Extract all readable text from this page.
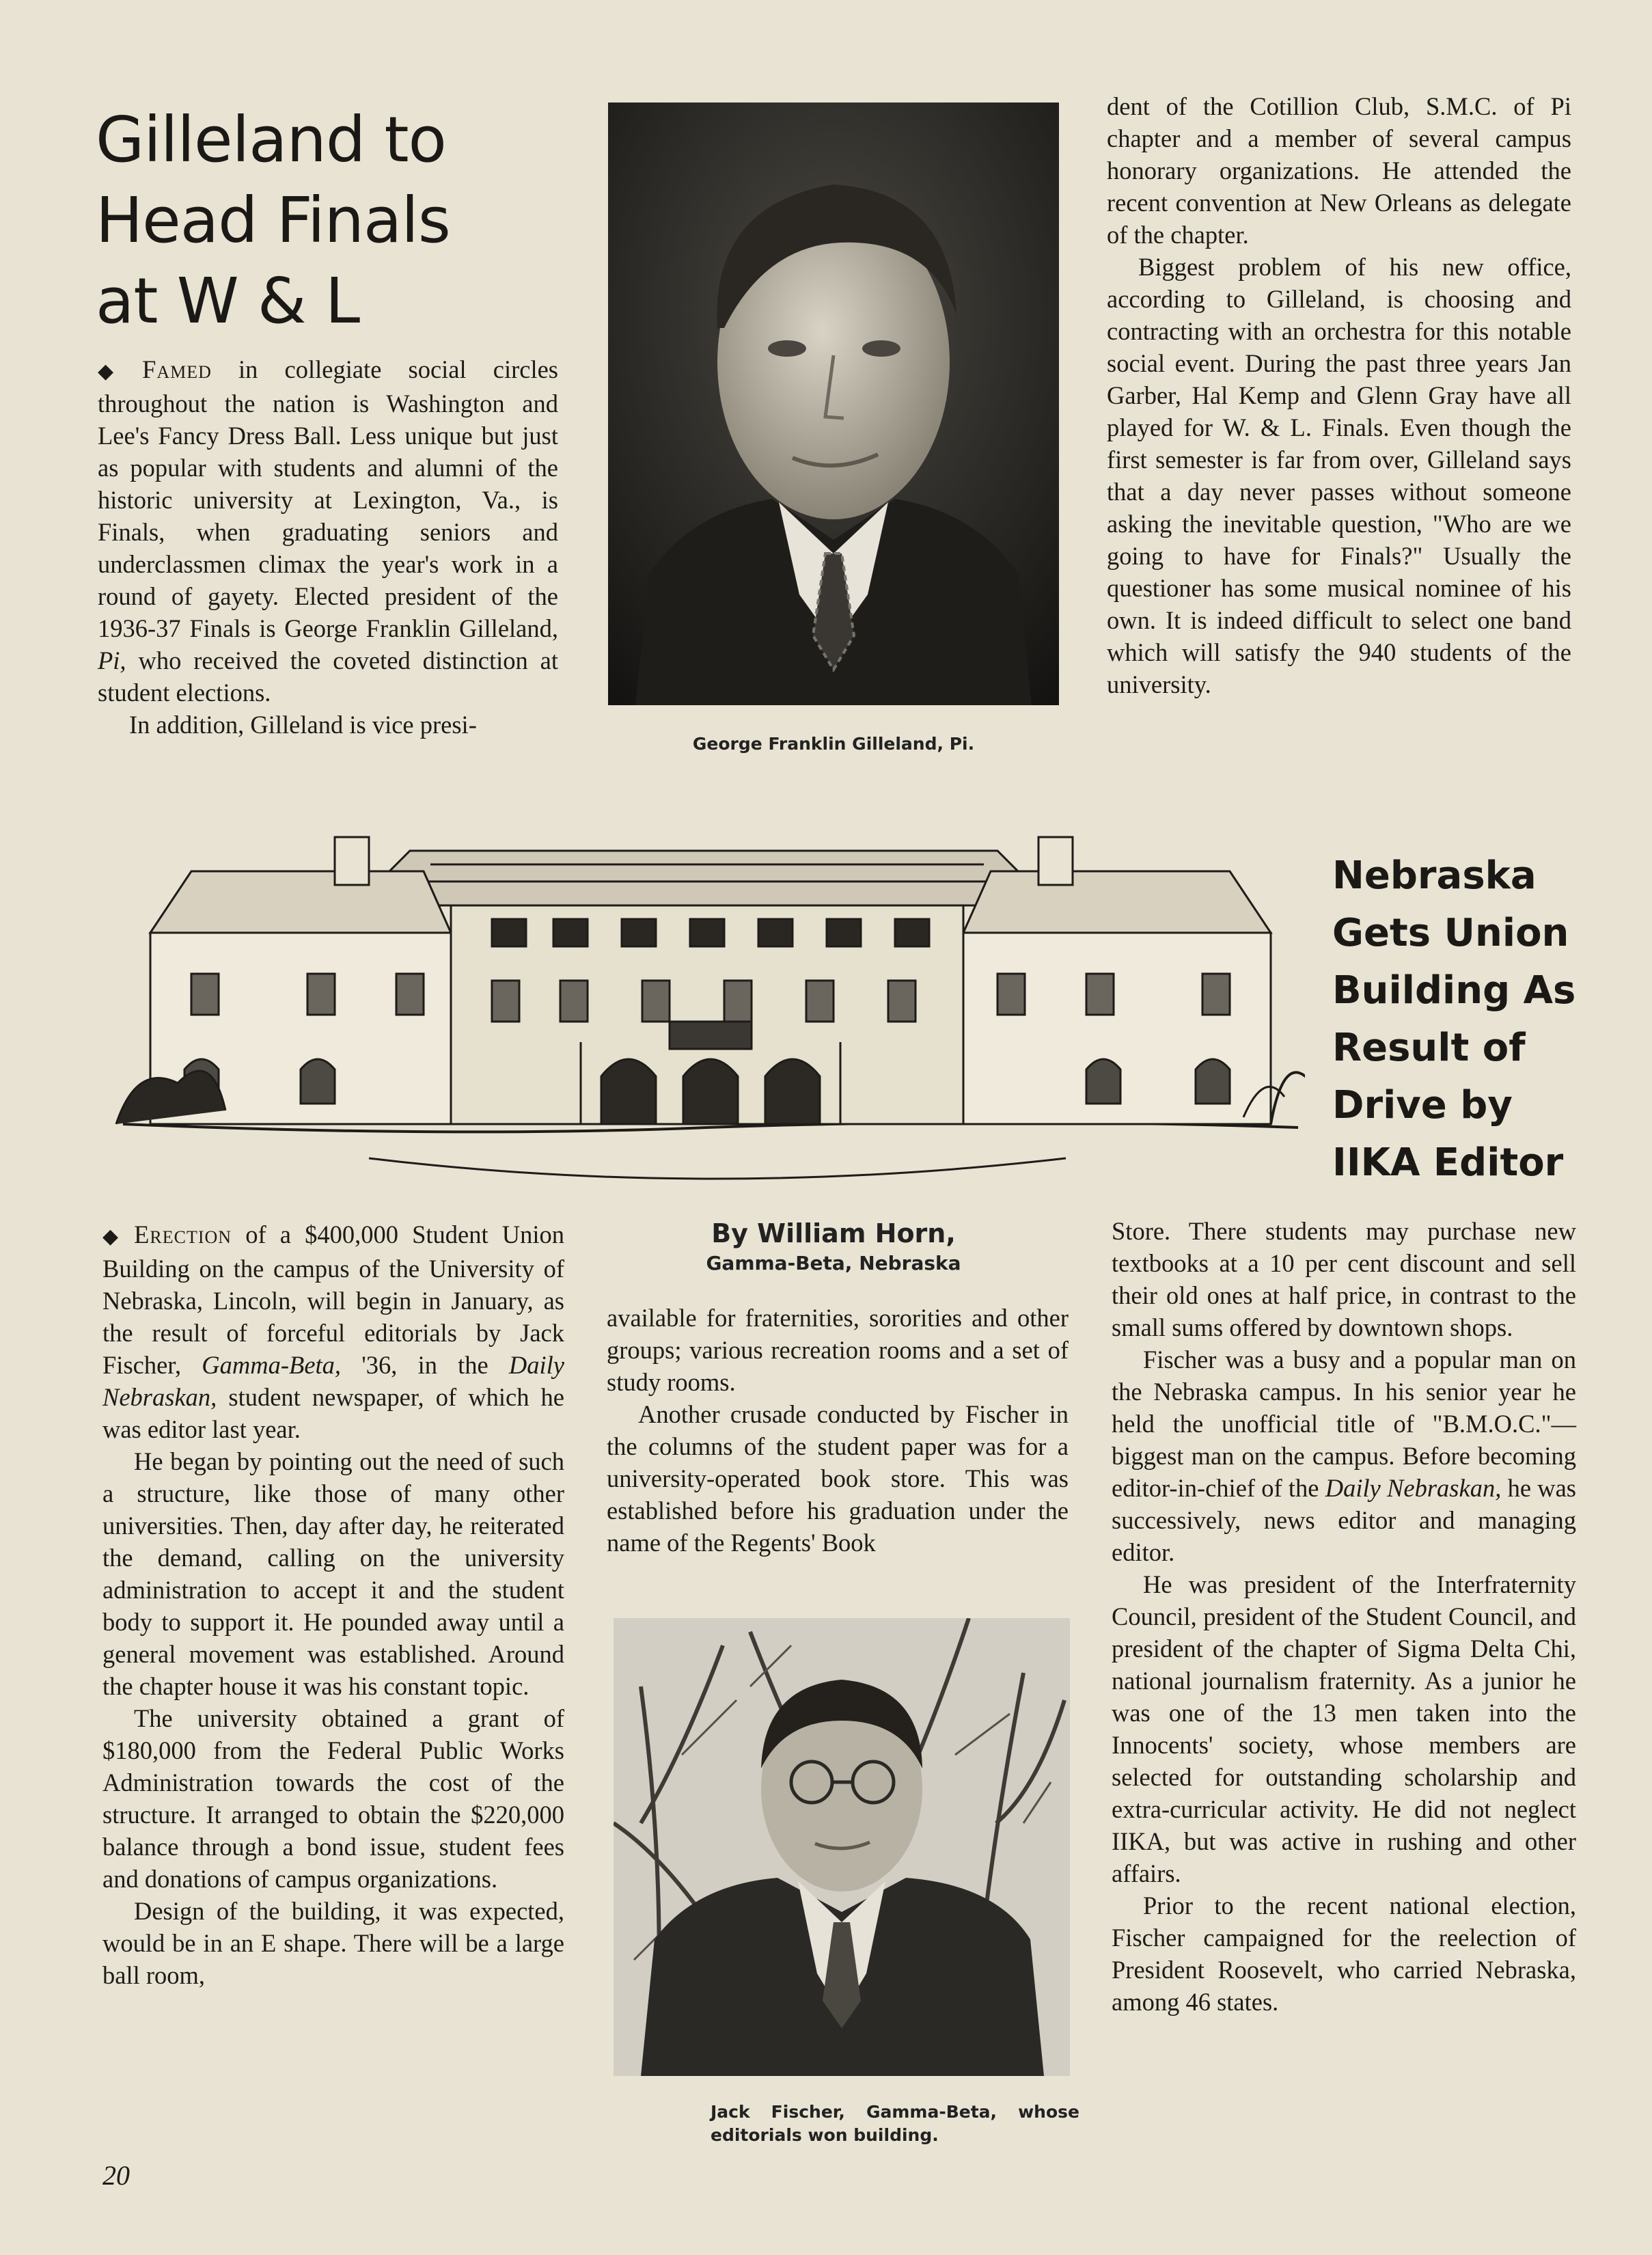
Gilleland to
Head Finals
at W & L

◆ Famed in collegiate social circles throughout the nation is Washington and Lee's Fancy Dress Ball. Less unique but just as popular with students and alumni of the historic university at Lexington, Va., is Finals, when graduating seniors and underclassmen climax the year's work in a round of gayety. Elected president of the 1936-37 Finals is George Franklin Gilleland, Pi, who received the coveted distinction at student elections.

In addition, Gilleland is vice presi-

George Franklin Gilleland, Pi.

dent of the Cotillion Club, S.M.C. of Pi chapter and a member of several campus honorary organizations. He attended the recent convention at New Orleans as delegate of the chapter.

Biggest problem of his new office, according to Gilleland, is choosing and contracting with an orchestra for this notable social event. During the past three years Jan Garber, Hal Kemp and Glenn Gray have all played for W. & L. Finals. Even though the first semester is far from over, Gilleland says that a day never passes without someone asking the inevitable question, "Who are we going to have for Finals?" Usually the questioner has some musical nominee of his own. It is indeed difficult to select one band which will satisfy the 940 students of the university.

Nebraska
Gets Union
Building As
Result of
Drive by
IIKA Editor

◆ Erection of a $400,000 Student Union Building on the campus of the University of Nebraska, Lincoln, will begin in January, as the result of forceful editorials by Jack Fischer, Gamma-Beta, '36, in the Daily Nebraskan, student newspaper, of which he was editor last year.

He began by pointing out the need of such a structure, like those of many other universities. Then, day after day, he reiterated the demand, calling on the university administration to accept it and the student body to support it. He pounded away until a general movement was established. Around the chapter house it was his constant topic.

The university obtained a grant of $180,000 from the Federal Public Works Administration towards the cost of the structure. It arranged to obtain the $220,000 balance through a bond issue, student fees and donations of campus organizations.

Design of the building, it was expected, would be in an E shape. There will be a large ball room,

By William Horn,
Gamma-Beta, Nebraska

available for fraternities, sororities and other groups; various recreation rooms and a set of study rooms.

Another crusade conducted by Fischer in the columns of the student paper was for a university-operated book store. This was established before his graduation under the name of the Regents' Book

Jack Fischer, Gamma-Beta, whose editorials won building.

Store. There students may purchase new textbooks at a 10 per cent discount and sell their old ones at half price, in contrast to the small sums offered by downtown shops.

Fischer was a busy and a popular man on the Nebraska campus. In his senior year he held the unofficial title of "B.M.O.C."—biggest man on the campus. Before becoming editor-in-chief of the Daily Nebraskan, he was successively, news editor and managing editor.

He was president of the Interfraternity Council, president of the Student Council, and president of the chapter of Sigma Delta Chi, national journalism fraternity. As a junior he was one of the 13 men taken into the Innocents' society, whose members are selected for outstanding scholarship and extra-curricular activity. He did not neglect IIKA, but was active in rushing and other affairs.

Prior to the recent national election, Fischer campaigned for the reelection of President Roosevelt, who carried Nebraska, among 46 states.

20
